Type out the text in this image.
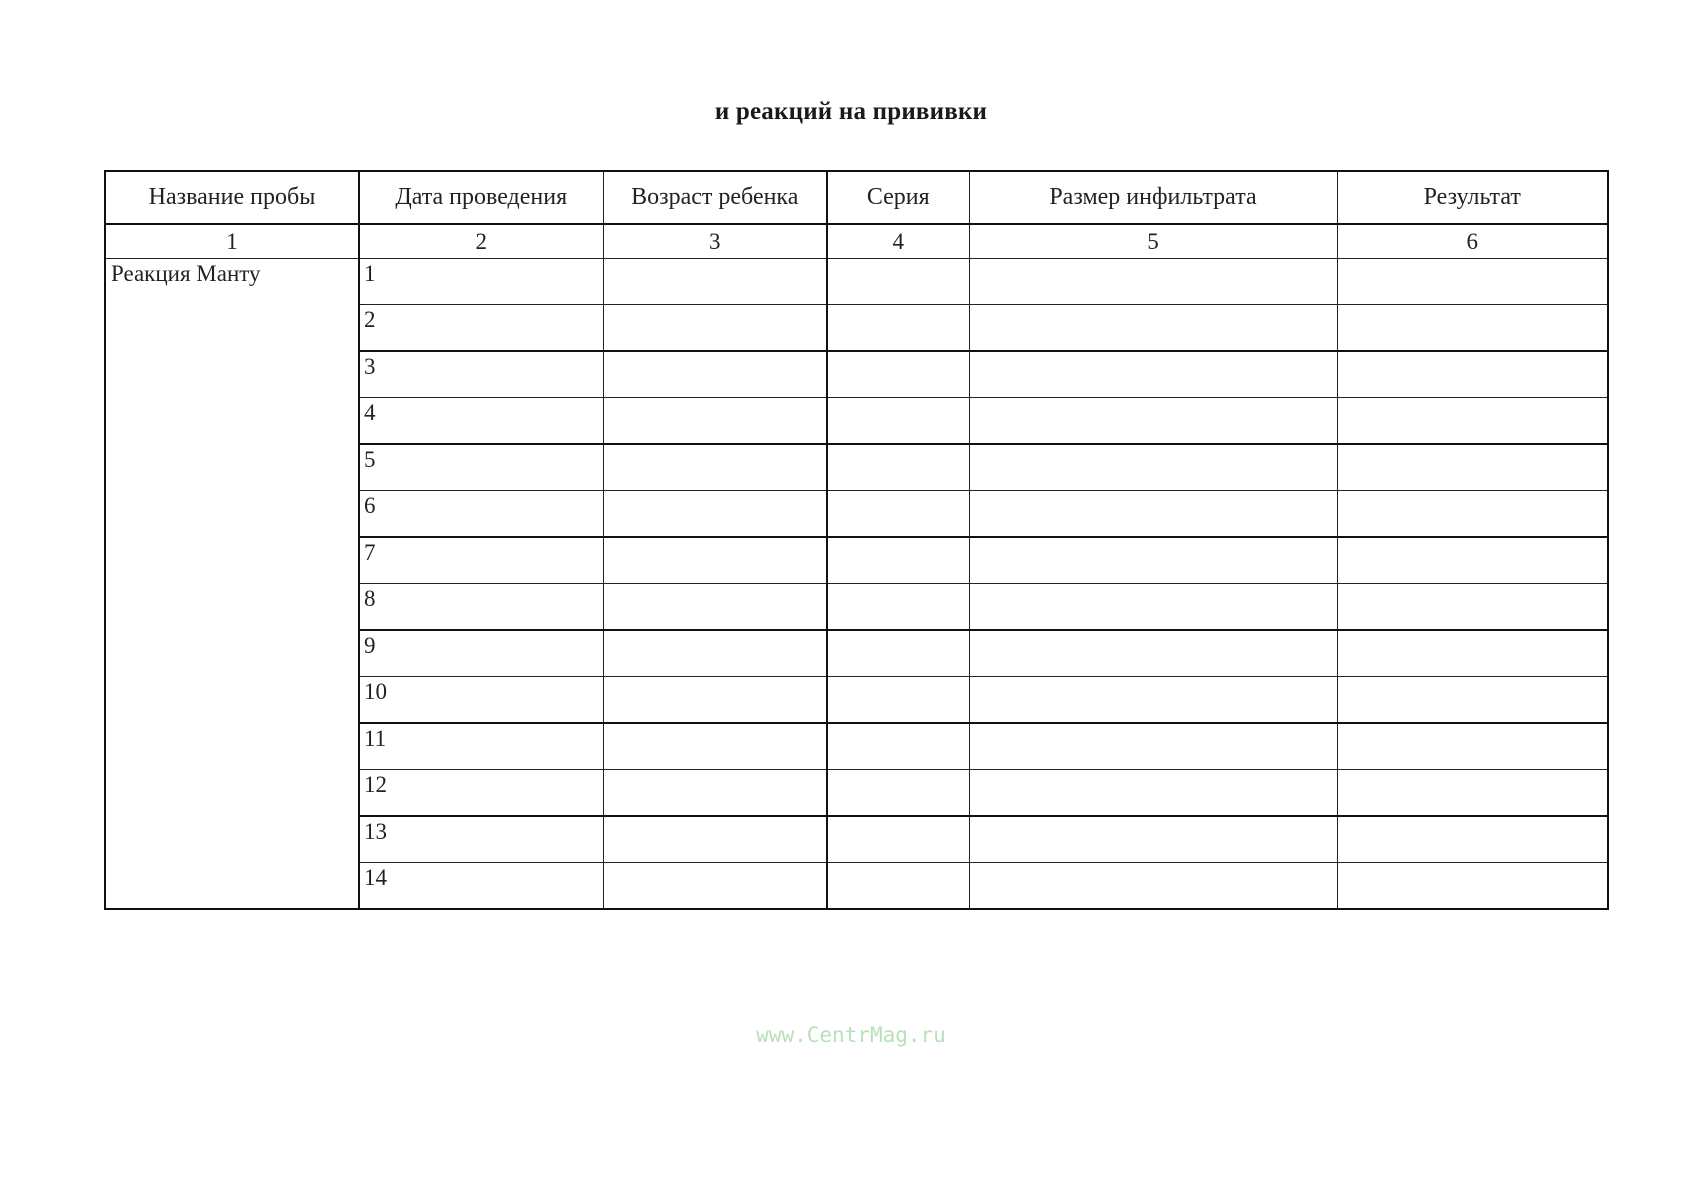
и реакций на прививки
Название пробы	Дата проведения	Возраст ребенка	Серия	Размер инфильтрата	Результат
1	2	3	4	5	6
Реакция Манту	1				
	2				
	3				
	4				
	5				
	6				
	7				
	8				
	9				
	10				
	11				
	12				
	13				
	14				
www.CentrMag.ru
